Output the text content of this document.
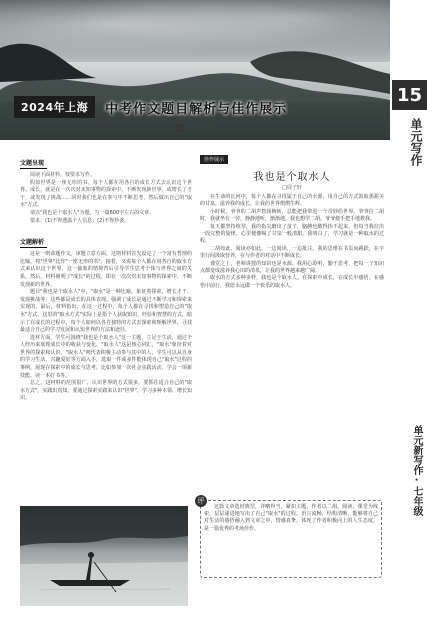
2024年上海	中考作文题目解析与佳作展示
山东 崔明亮
15
单元写作
单元新写作·七年级
文题呈现

阅读下面材料，按要求写作。

假如世界是一座无形的书，每个人都在用各自的成长方式去认识这个世界。成长，就是在一次次对未知事物的探索中，不断发现新世界，或增长了才干，或发现了挑战……同时我们也是在参与中不断思考，然后做出自己的"取水"方式。

请以"我也是个取水人"为题，写一篇600字左右的文章。

要求：(1)不得透露个人信息；(2)不得抄袭。

文题解析

这是一则命题作文。审题立意方面，这则材料首先设定了一个富有哲理的比喻，将"世界"比作"一座无形的书"。接着，又说每个人都在用各自的取水方式来认识这个世界，这一抽象的情境背后引导学生思考个体与世界之间的关系。然后，材料阐明了"成长"的过程，即在一次次对未知事物的探索中，不断发现新的世界。

题目"我也是个取水人"中，"取水"是一种比喻，象征着探索、增长才干、发现挑战等，这些都是成长的具体表现。强调了成长是通过不断学习和探索来实现的。最后，材料指出，在这一过程中，每个人都在寻找和塑造自己的"取水"方式，这里的"取水方式"实际上是指个人获取知识、经验和智慧的方式，暗示了在成长的过程中，每个人如何以各自独特的方式去探索和理解世界，寻找最适合自己的学习发展和认知世界的方法和途径。

选材方面，学生可围绕"我也是个取水人"这一主题，立足于生活，通过个人经历来展现成长中的收获与变化。"取水人"这是核心词汇，"取水"象征着对世界的探索和认识，"取水人"则代表积极主动参与其中的人。学生可以从自身的学习生活、兴趣爱好等方面入手，选取一件或多件能体现自己"取水"过程的事例，展现在探索中的成长与思考。比如参加一次社会实践活动、学会一项新技能、读一本好书等。

总之，这材料的范围很广，认识世界的方式很多，要抓住适合自己的"取水方式"，实践出真知，要通过探索实践来认识"世界"，学习多种本领、增长知识。

佳作展示
我也是个取水人
□周子轩

在生命的长河中，每个人都在寻找属于自己的水源，用自己的方式汲取那甜美的甘泉，滋养我的成长，让我的世界熠熠生辉。

小时候，爷爷的二胡声悠扬婉转，总能把我带进一个奇妙的世界。爷爷拉二胡时，我就坐在一旁，静静地听。渐渐地，我也想学二胡，爷爷便手把手地教我。

每天都坚持练琴，我的指尖磨出了茧子，胳膊也酸得抬不起来。但每当我拉出一段完整的旋律，心里便像喝了甘泉一般清甜。我明白了，学习就是一种取水的过程。

二胡如此，阅读亦如此。一边阅读，一边批注，我的思维在书页间跳跃，在字里行间汲取营养，在与作者的对话中不断成长。

课堂之上，老师讲授的知识也是水源。我用心聆听，勤于思考，把每一个知识点都变成滋养我心田的清泉，让我的世界越来越广阔。

取水的方式多种多样，我也是个取水人。在探索中成长，在成长中感悟，在感悟中前行，我愿永远做一个快乐的取水人。

评

这篇文章选材典型，详略得当，紧扣主题，作者以二胡、阅读、课堂为线索，层层递进地写出了自己"取水"的过程。语言流畅，结构清晰，能够将自己对生活的感悟融入到文章之中，情感真挚，体现了作者积极向上的人生态度，是一篇优秀的考场佳作。
